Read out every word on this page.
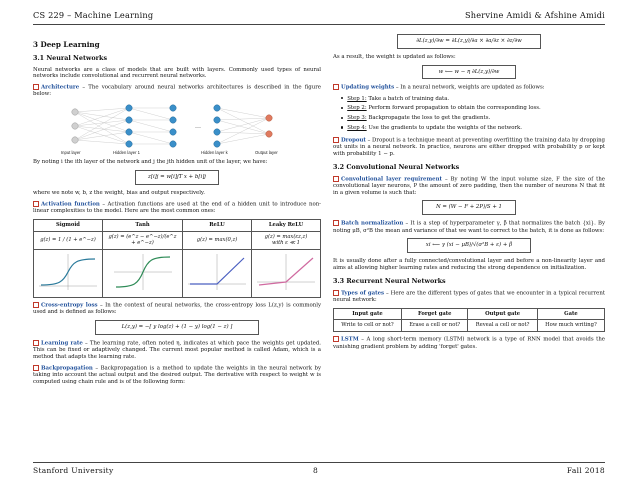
CS 229 – Machine Learning	Shervine Amidi & Afshine Amidi
3 Deep Learning
3.1 Neural Networks

Neural networks are a class of models that are built with layers. Commonly used types of neural networks include convolutional and recurrent neural networks.

Architecture – The vocabulary around neural networks architectures is described in the figure below:

…
Input layer	Hidden layer 1	Hidden layer k	Output layer

By noting i the ith layer of the network and j the jth hidden unit of the layer, we have:

z[i]j = w[i]jT x + b[i]j

where we note w, b, z the weight, bias and output respectively.

Activation function – Activation functions are used at the end of a hidden unit to introduce non-linear complexities to the model. Here are the most common ones:

Sigmoid	Tanh	ReLU	Leaky ReLU
g(z) = 1 / (1 + e^−z)	g(z) = (e^z − e^−z)/(e^z + e^−z)	g(z) = max(0,z)	g(z) = max(εz,z)
with ε ≪ 1

Cross-entropy loss – In the context of neural networks, the cross-entropy loss L(z,y) is commonly used and is defined as follows:

L(z,y) = −[ y log(z) + (1 − y) log(1 − z) ]

Learning rate – The learning rate, often noted η, indicates at which pace the weights get updated. This can be fixed or adaptively changed. The current most popular method is called Adam, which is a method that adapts the learning rate.

Backpropagation – Backpropagation is a method to update the weights in the neural network by taking into account the actual output and the desired output. The derivative with respect to weight w is computed using chain rule and is of the following form:

∂L(z,y)/∂w = ∂L(z,y)/∂a × ∂a/∂z × ∂z/∂w

As a result, the weight is updated as follows:

w ⟵ w − η ∂L(z,y)/∂w

Updating weights – In a neural network, weights are updated as follows:

Step 1: Take a batch of training data.
Step 2: Perform forward propagation to obtain the corresponding loss.
Step 3: Backpropagate the loss to get the gradients.
Step 4: Use the gradients to update the weights of the network.

Dropout – Dropout is a technique meant at preventing overfitting the training data by dropping out units in a neural network. In practice, neurons are either dropped with probability p or kept with probability 1 − p.

3.2 Convolutional Neural Networks

Convolutional layer requirement – By noting W the input volume size, F the size of the convolutional layer neurons, P the amount of zero padding, then the number of neurons N that fit in a given volume is such that:

N = (W − F + 2P)/S + 1

Batch normalization – It is a step of hyperparameter γ, β that normalizes the batch {xi}. By noting μB, σ²B the mean and variance of that we want to correct to the batch, it is done as follows:

xi ⟵ γ (xi − μB)/√(σ²B + ε) + β

It is usually done after a fully connected/convolutional layer and before a non-linearity layer and aims at allowing higher learning rates and reducing the strong dependence on initialization.

3.3 Recurrent Neural Networks

Types of gates – Here are the different types of gates that we encounter in a typical recurrent neural network:

Input gate	Forget gate	Output gate	Gate
Write to cell or not?	Erase a cell or not?	Reveal a cell or not?	How much writing?

LSTM – A long short-term memory (LSTM) network is a type of RNN model that avoids the vanishing gradient problem by adding 'forget' gates.

Stanford University	8	Fall 2018
